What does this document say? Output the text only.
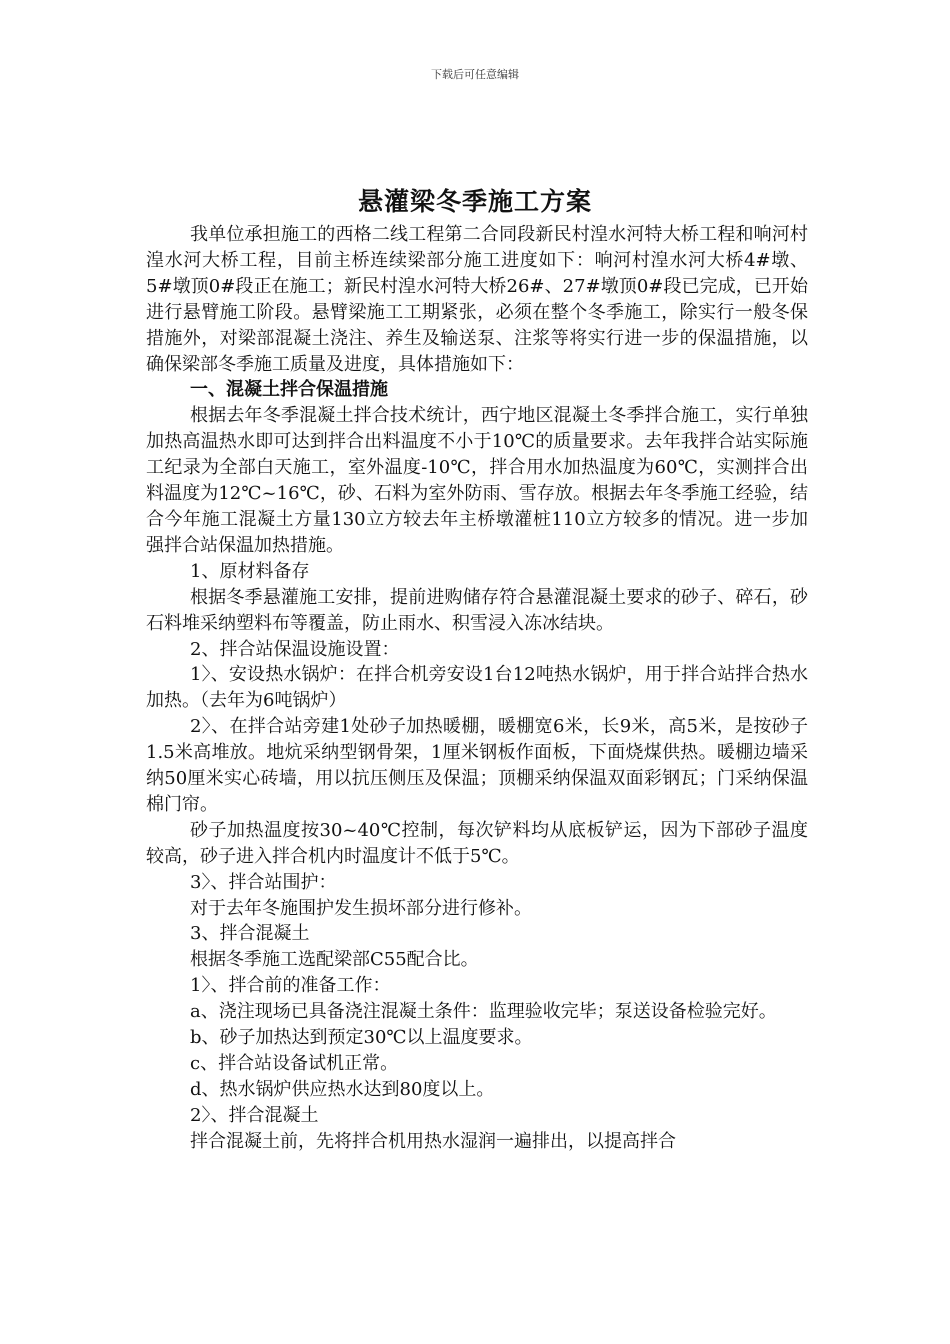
下载后可任意编辑
悬灌梁冬季施工方案

我单位承担施工的西格二线工程第二合同段新民村湟水河特大桥工程和响河村湟水河大桥工程，目前主桥连续梁部分施工进度如下：响河村湟水河大桥4#墩、5#墩顶0#段正在施工；新民村湟水河特大桥26#、27#墩顶0#段已完成，已开始进行悬臂施工阶段。悬臂梁施工工期紧张，必须在整个冬季施工，除实行一般冬保措施外，对梁部混凝土浇注、养生及输送泵、注浆等将实行进一步的保温措施，以确保梁部冬季施工质量及进度，具体措施如下：

一、混凝土拌合保温措施

根据去年冬季混凝土拌合技术统计，西宁地区混凝土冬季拌合施工，实行单独加热高温热水即可达到拌合出料温度不小于10℃的质量要求。去年我拌合站实际施工纪录为全部白天施工，室外温度-10℃，拌合用水加热温度为60℃，实测拌合出料温度为12℃~16℃，砂、石料为室外防雨、雪存放。根据去年冬季施工经验，结合今年施工混凝土方量130立方较去年主桥墩灌桩110立方较多的情况。进一步加强拌合站保温加热措施。

1、原材料备存

根据冬季悬灌施工安排，提前进购储存符合悬灌混凝土要求的砂子、碎石，砂石料堆采纳塑料布等覆盖，防止雨水、积雪浸入冻冰结块。

2、拌合站保温设施设置：

1〉、安设热水锅炉：在拌合机旁安设1台12吨热水锅炉，用于拌合站拌合热水加热。（去年为6吨锅炉）

2〉、在拌合站旁建1处砂子加热暖棚，暖棚宽6米，长9米，高5米，是按砂子1.5米高堆放。地炕采纳型钢骨架，1厘米钢板作面板，下面烧煤供热。暖棚边墙采纳50厘米实心砖墙，用以抗压侧压及保温；顶棚采纳保温双面彩钢瓦；门采纳保温棉门帘。

砂子加热温度按30~40℃控制，每次铲料均从底板铲运，因为下部砂子温度较高，砂子进入拌合机内时温度计不低于5℃。

3〉、拌合站围护：

对于去年冬施围护发生损坏部分进行修补。

3、拌合混凝土

根据冬季施工选配梁部C55配合比。

1〉、拌合前的准备工作：

a、浇注现场已具备浇注混凝土条件：监理验收完毕；泵送设备检验完好。

b、砂子加热达到预定30℃以上温度要求。

c、拌合站设备试机正常。

d、热水锅炉供应热水达到80度以上。

2〉、拌合混凝土

拌合混凝土前，先将拌合机用热水湿润一遍排出，以提高拌合
